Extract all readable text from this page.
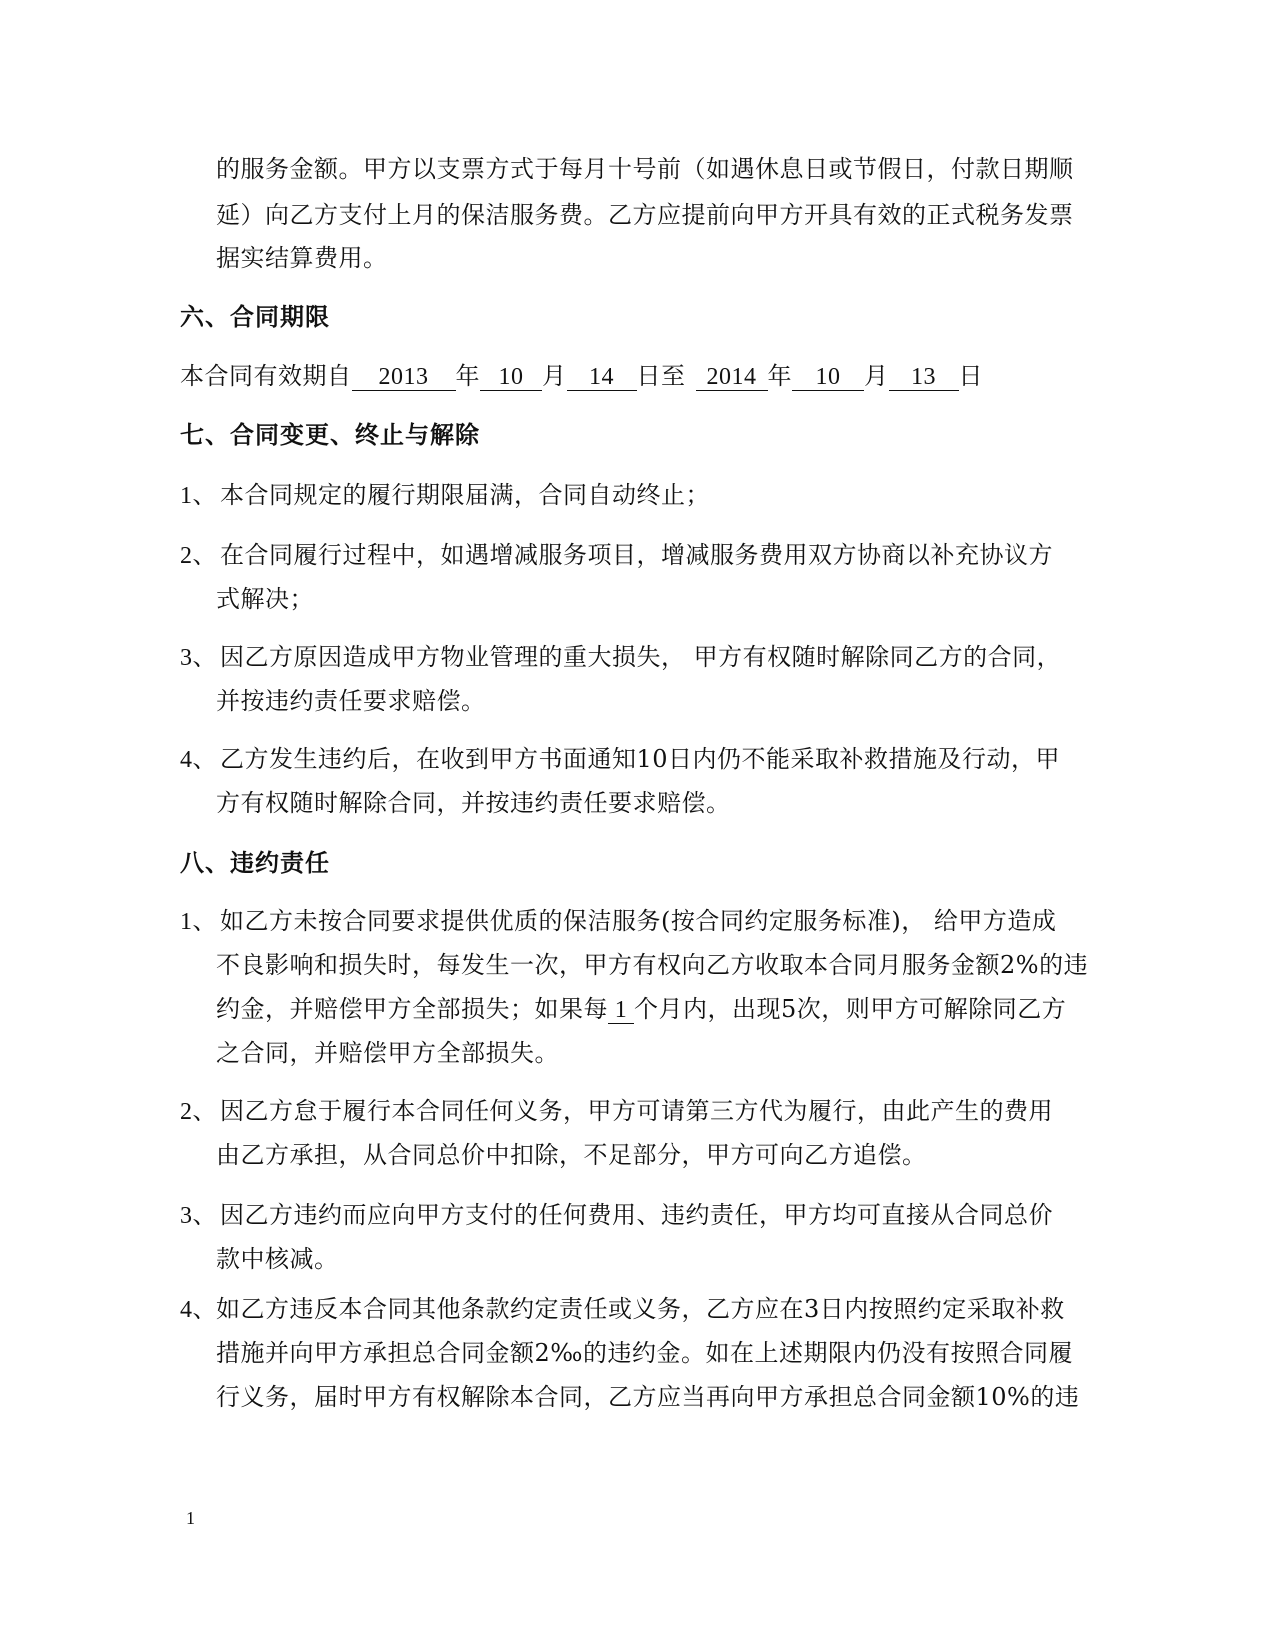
的服务金额。甲方以支票方式于每月十号前（如遇休息日或节假日，付款日期顺
延）向乙方支付上月的保洁服务费。乙方应提前向甲方开具有效的正式税务发票
据实结算费用。
六、合同期限
本合同有效期自 2013 年 10 月 14 日至 2014 年 10 月 13 日
七、合同变更、终止与解除
1、 本合同规定的履行期限届满，合同自动终止；
2、 在合同履行过程中，如遇增减服务项目，增减服务费用双方协商以补充协议方
式解决；
3、 因乙方原因造成甲方物业管理的重大损失， 甲方有权随时解除同乙方的合同，
并按违约责任要求赔偿。
4、 乙方发生违约后，在收到甲方书面通知10日内仍不能采取补救措施及行动，甲
方有权随时解除合同，并按违约责任要求赔偿。
八、违约责任
1、 如乙方未按合同要求提供优质的保洁服务(按合同约定服务标准)， 给甲方造成
不良影响和损失时，每发生一次，甲方有权向乙方收取本合同月服务金额2%的违
约金，并赔偿甲方全部损失；如果每 1 个月内，出现5次，则甲方可解除同乙方
之合同，并赔偿甲方全部损失。
2、 因乙方怠于履行本合同任何义务，甲方可请第三方代为履行，由此产生的费用
由乙方承担，从合同总价中扣除，不足部分，甲方可向乙方追偿。
3、 因乙方违约而应向甲方支付的任何费用、违约责任，甲方均可直接从合同总价
款中核减。
4、如乙方违反本合同其他条款约定责任或义务，乙方应在3日内按照约定采取补救
措施并向甲方承担总合同金额2‰的违约金。如在上述期限内仍没有按照合同履
行义务，届时甲方有权解除本合同，乙方应当再向甲方承担总合同金额10%的违
1
